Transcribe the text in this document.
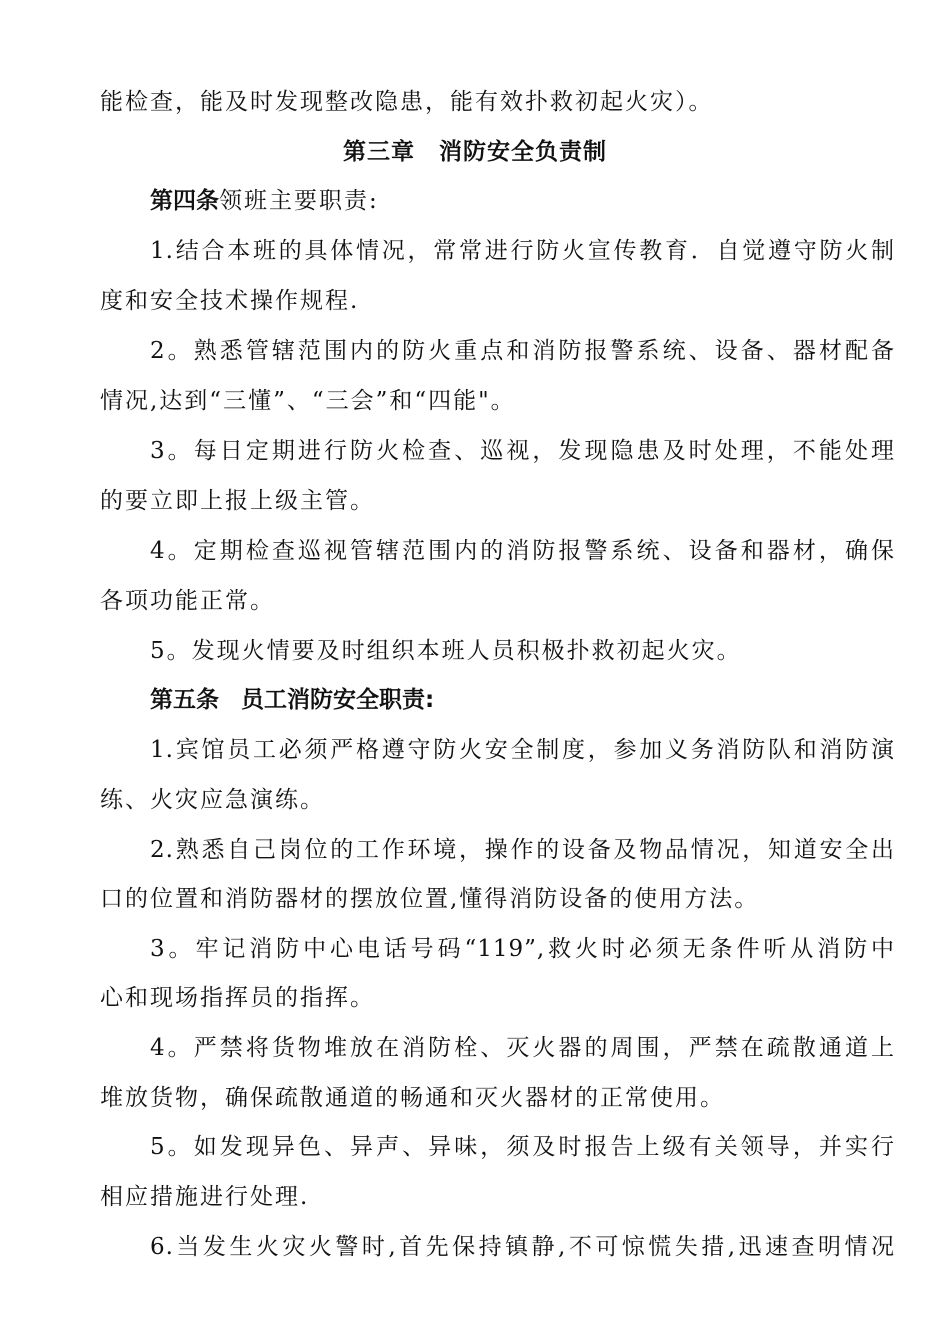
能检查，能及时发现整改隐患，能有效扑救初起火灾）。
第三章　消防安全负责制
第四条领班主要职责:
1.结合本班的具体情况，常常进行防火宣传教育．自觉遵守防火制
度和安全技术操作规程.
2。熟悉管辖范围内的防火重点和消防报警系统、设备、器材配备
情况,达到“三懂”、“三会”和“四能"。
3。每日定期进行防火检查、巡视，发现隐患及时处理，不能处理
的要立即上报上级主管。
4。定期检查巡视管辖范围内的消防报警系统、设备和器材，确保
各项功能正常。
5。发现火情要及时组织本班人员积极扑救初起火灾。
第五条 员工消防安全职责:
1.宾馆员工必须严格遵守防火安全制度，参加义务消防队和消防演
练、火灾应急演练。
2.熟悉自己岗位的工作环境，操作的设备及物品情况，知道安全出
口的位置和消防器材的摆放位置,懂得消防设备的使用方法。
3。牢记消防中心电话号码“119”,救火时必须无条件听从消防中
心和现场指挥员的指挥。
4。严禁将货物堆放在消防栓、灭火器的周围，严禁在疏散通道上
堆放货物，确保疏散通道的畅通和灭火器材的正常使用。
5。如发现异色、异声、异味，须及时报告上级有关领导，并实行
相应措施进行处理.
6.当发生火灾火警时,首先保持镇静,不可惊慌失措,迅速查明情况
